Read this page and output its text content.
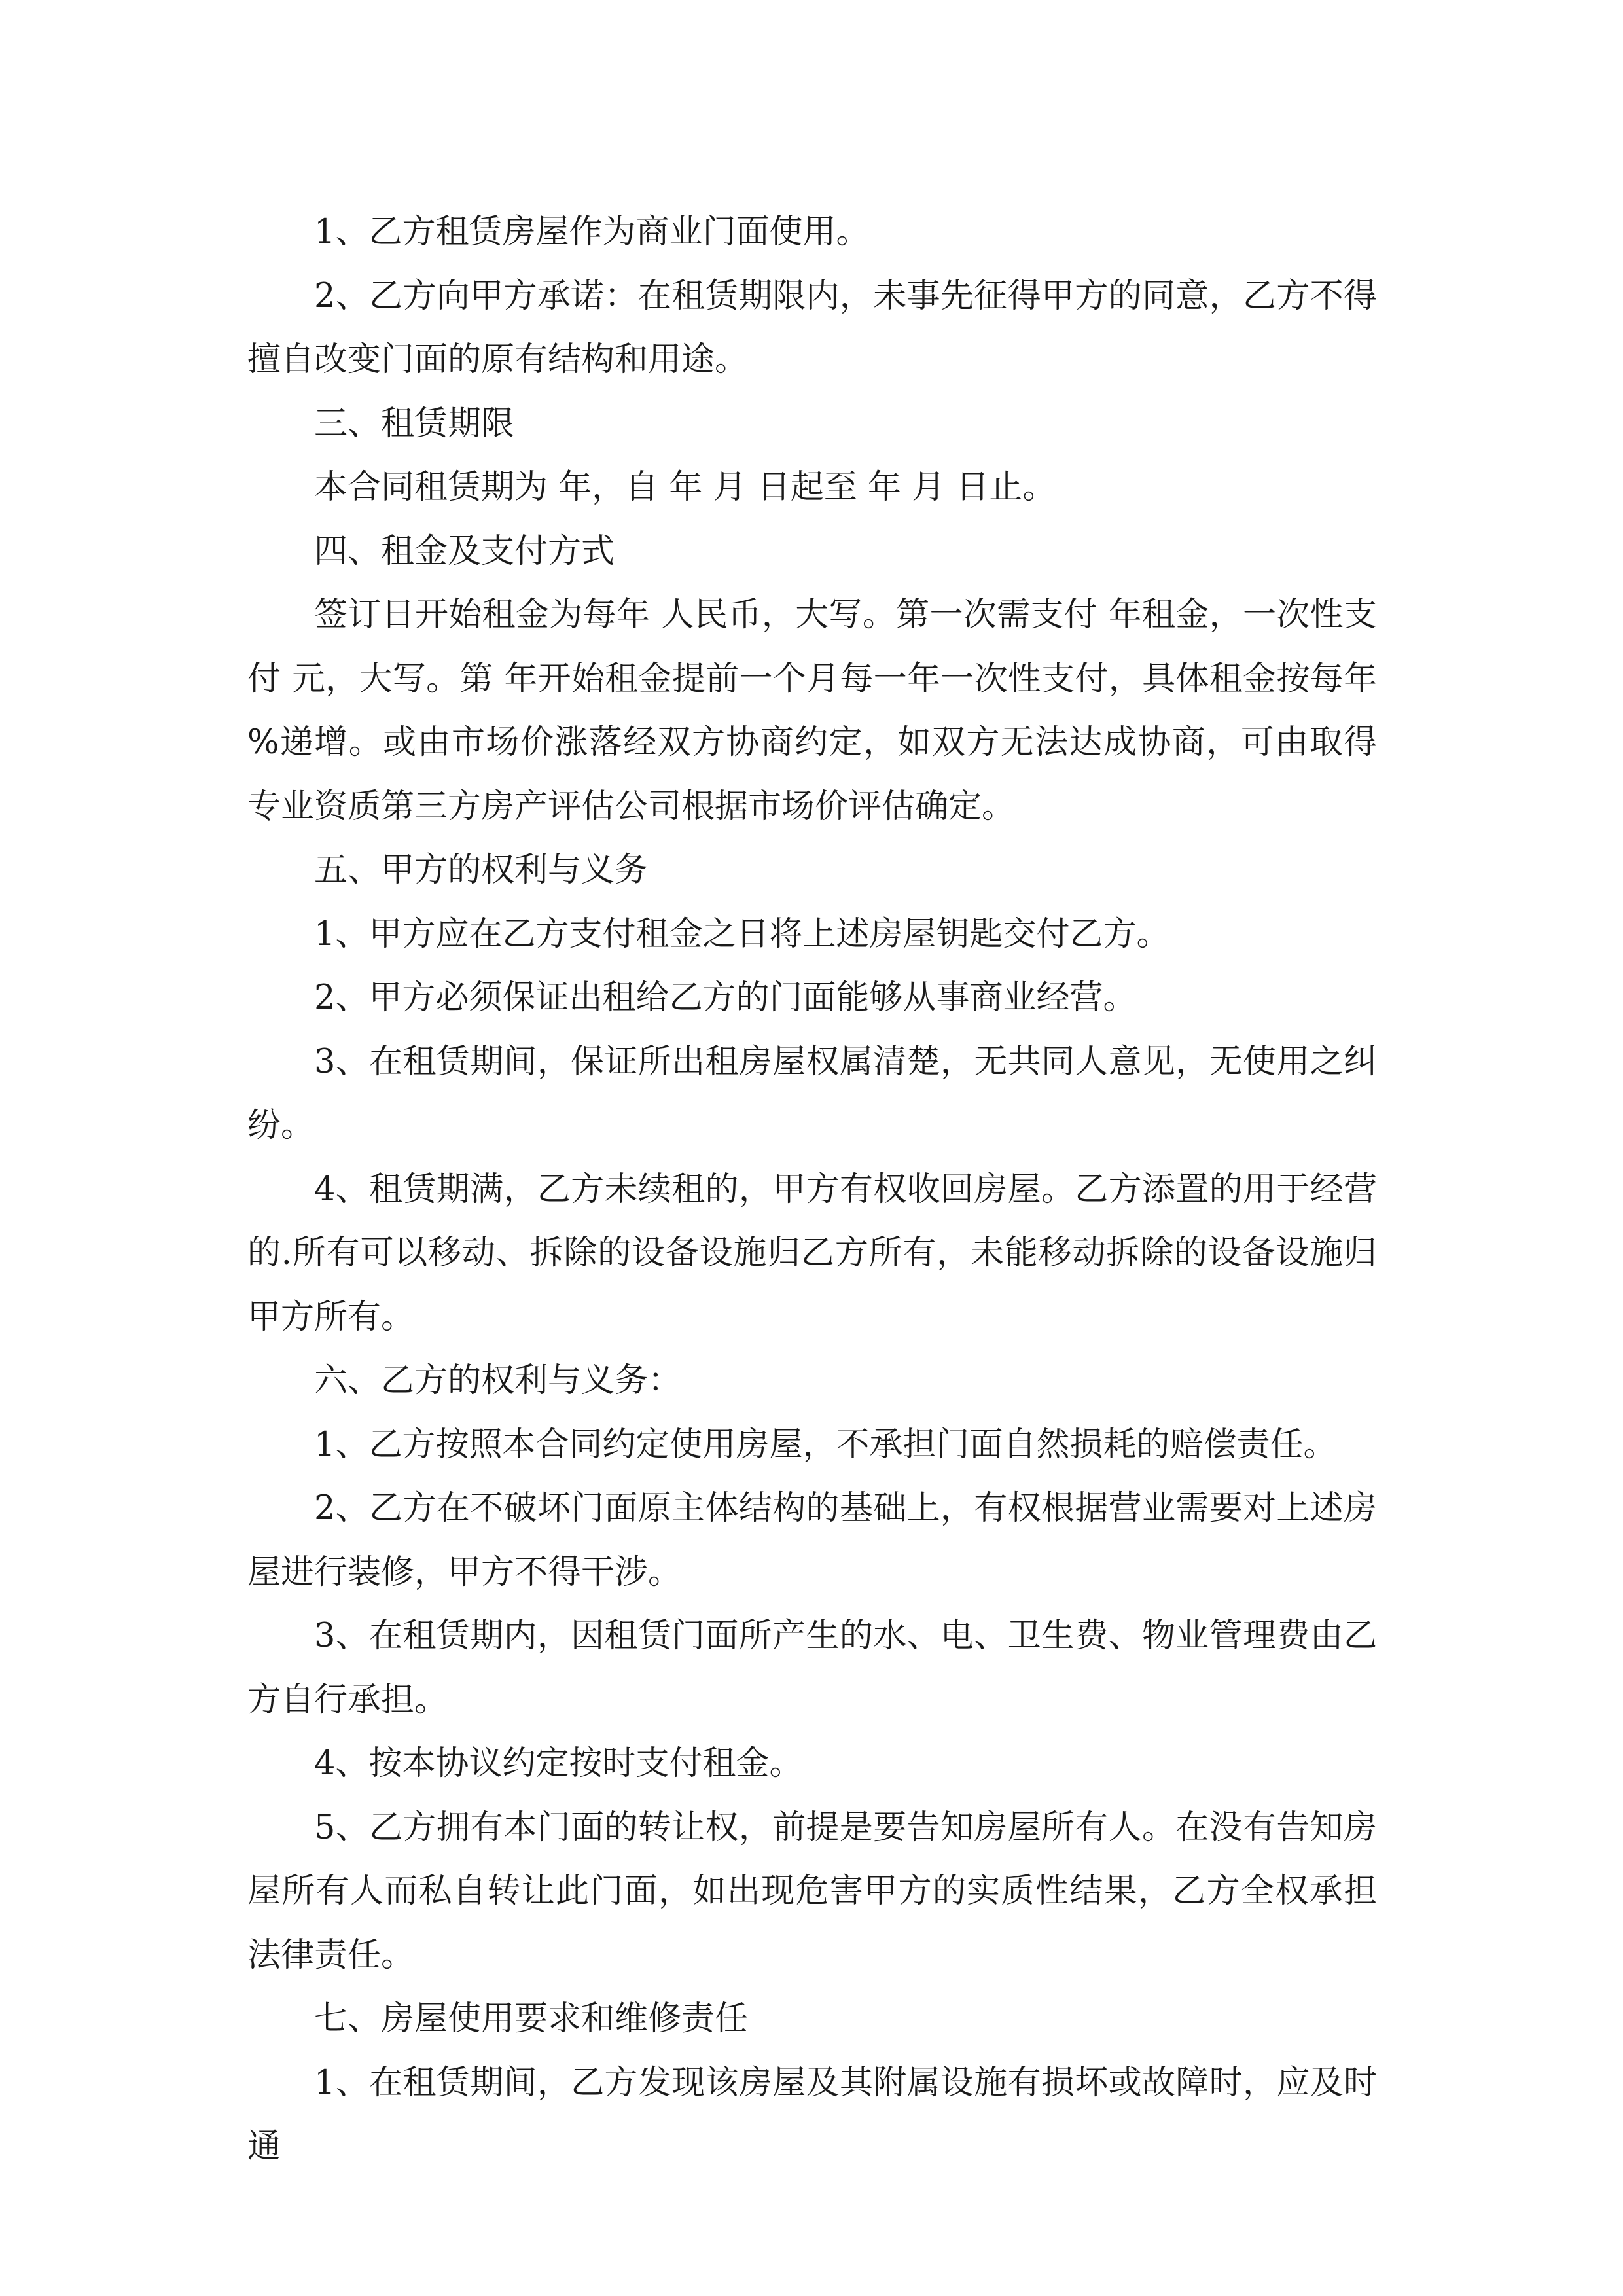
1、乙方租赁房屋作为商业门面使用。

2、乙方向甲方承诺：在租赁期限内，未事先征得甲方的同意，乙方不得擅自改变门面的原有结构和用途。

三、租赁期限

本合同租赁期为 年，自 年 月 日起至 年 月 日止。

四、租金及支付方式

签订日开始租金为每年 人民币，大写。第一次需支付 年租金，一次性支付 元，大写。第 年开始租金提前一个月每一年一次性支付，具体租金按每年 %递增。或由市场价涨落经双方协商约定，如双方无法达成协商，可由取得专业资质第三方房产评估公司根据市场价评估确定。

五、甲方的权利与义务

1、甲方应在乙方支付租金之日将上述房屋钥匙交付乙方。

2、甲方必须保证出租给乙方的门面能够从事商业经营。

3、在租赁期间，保证所出租房屋权属清楚，无共同人意见，无使用之纠纷。

4、租赁期满，乙方未续租的，甲方有权收回房屋。乙方添置的用于经营的.所有可以移动、拆除的设备设施归乙方所有，未能移动拆除的设备设施归甲方所有。

六、乙方的权利与义务：

1、乙方按照本合同约定使用房屋，不承担门面自然损耗的赔偿责任。

2、乙方在不破坏门面原主体结构的基础上，有权根据营业需要对上述房屋进行装修，甲方不得干涉。

3、在租赁期内，因租赁门面所产生的水、电、卫生费、物业管理费由乙方自行承担。

4、按本协议约定按时支付租金。

5、乙方拥有本门面的转让权，前提是要告知房屋所有人。在没有告知房屋所有人而私自转让此门面，如出现危害甲方的实质性结果，乙方全权承担法律责任。

七、房屋使用要求和维修责任

1、在租赁期间，乙方发现该房屋及其附属设施有损坏或故障时，应及时通
